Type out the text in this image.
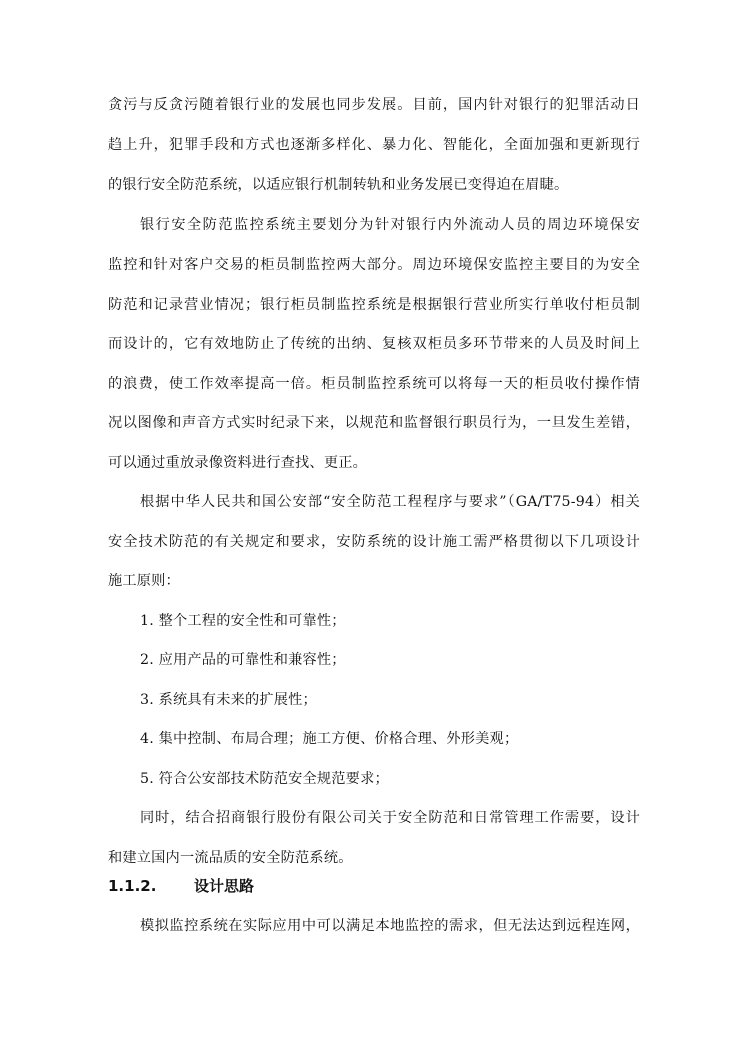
贪污与反贪污随着银行业的发展也同步发展。目前，国内针对银行的犯罪活动日
趋上升，犯罪手段和方式也逐渐多样化、暴力化、智能化，全面加强和更新现行
的银行安全防范系统，以适应银行机制转轨和业务发展已变得迫在眉睫。
银行安全防范监控系统主要划分为针对银行内外流动人员的周边环境保安
监控和针对客户交易的柜员制监控两大部分。周边环境保安监控主要目的为安全
防范和记录营业情况；银行柜员制监控系统是根据银行营业所实行单收付柜员制
而设计的，它有效地防止了传统的出纳、复核双柜员多环节带来的人员及时间上
的浪费，使工作效率提高一倍。柜员制监控系统可以将每一天的柜员收付操作情
况以图像和声音方式实时纪录下来，以规范和监督银行职员行为，一旦发生差错，
可以通过重放录像资料进行查找、更正。
根据中华人民共和国公安部“安全防范工程程序与要求”（GA/T75-94）相关
安全技术防范的有关规定和要求，安防系统的设计施工需严格贯彻以下几项设计
施工原则：
1. 整个工程的安全性和可靠性；
2. 应用产品的可靠性和兼容性；
3. 系统具有未来的扩展性；
4. 集中控制、布局合理；施工方便、价格合理、外形美观；
5. 符合公安部技术防范安全规范要求；
同时，结合招商银行股份有限公司关于安全防范和日常管理工作需要，设计
和建立国内一流品质的安全防范系统。
1.1.2.	设计思路
模拟监控系统在实际应用中可以满足本地监控的需求，但无法达到远程连网，
